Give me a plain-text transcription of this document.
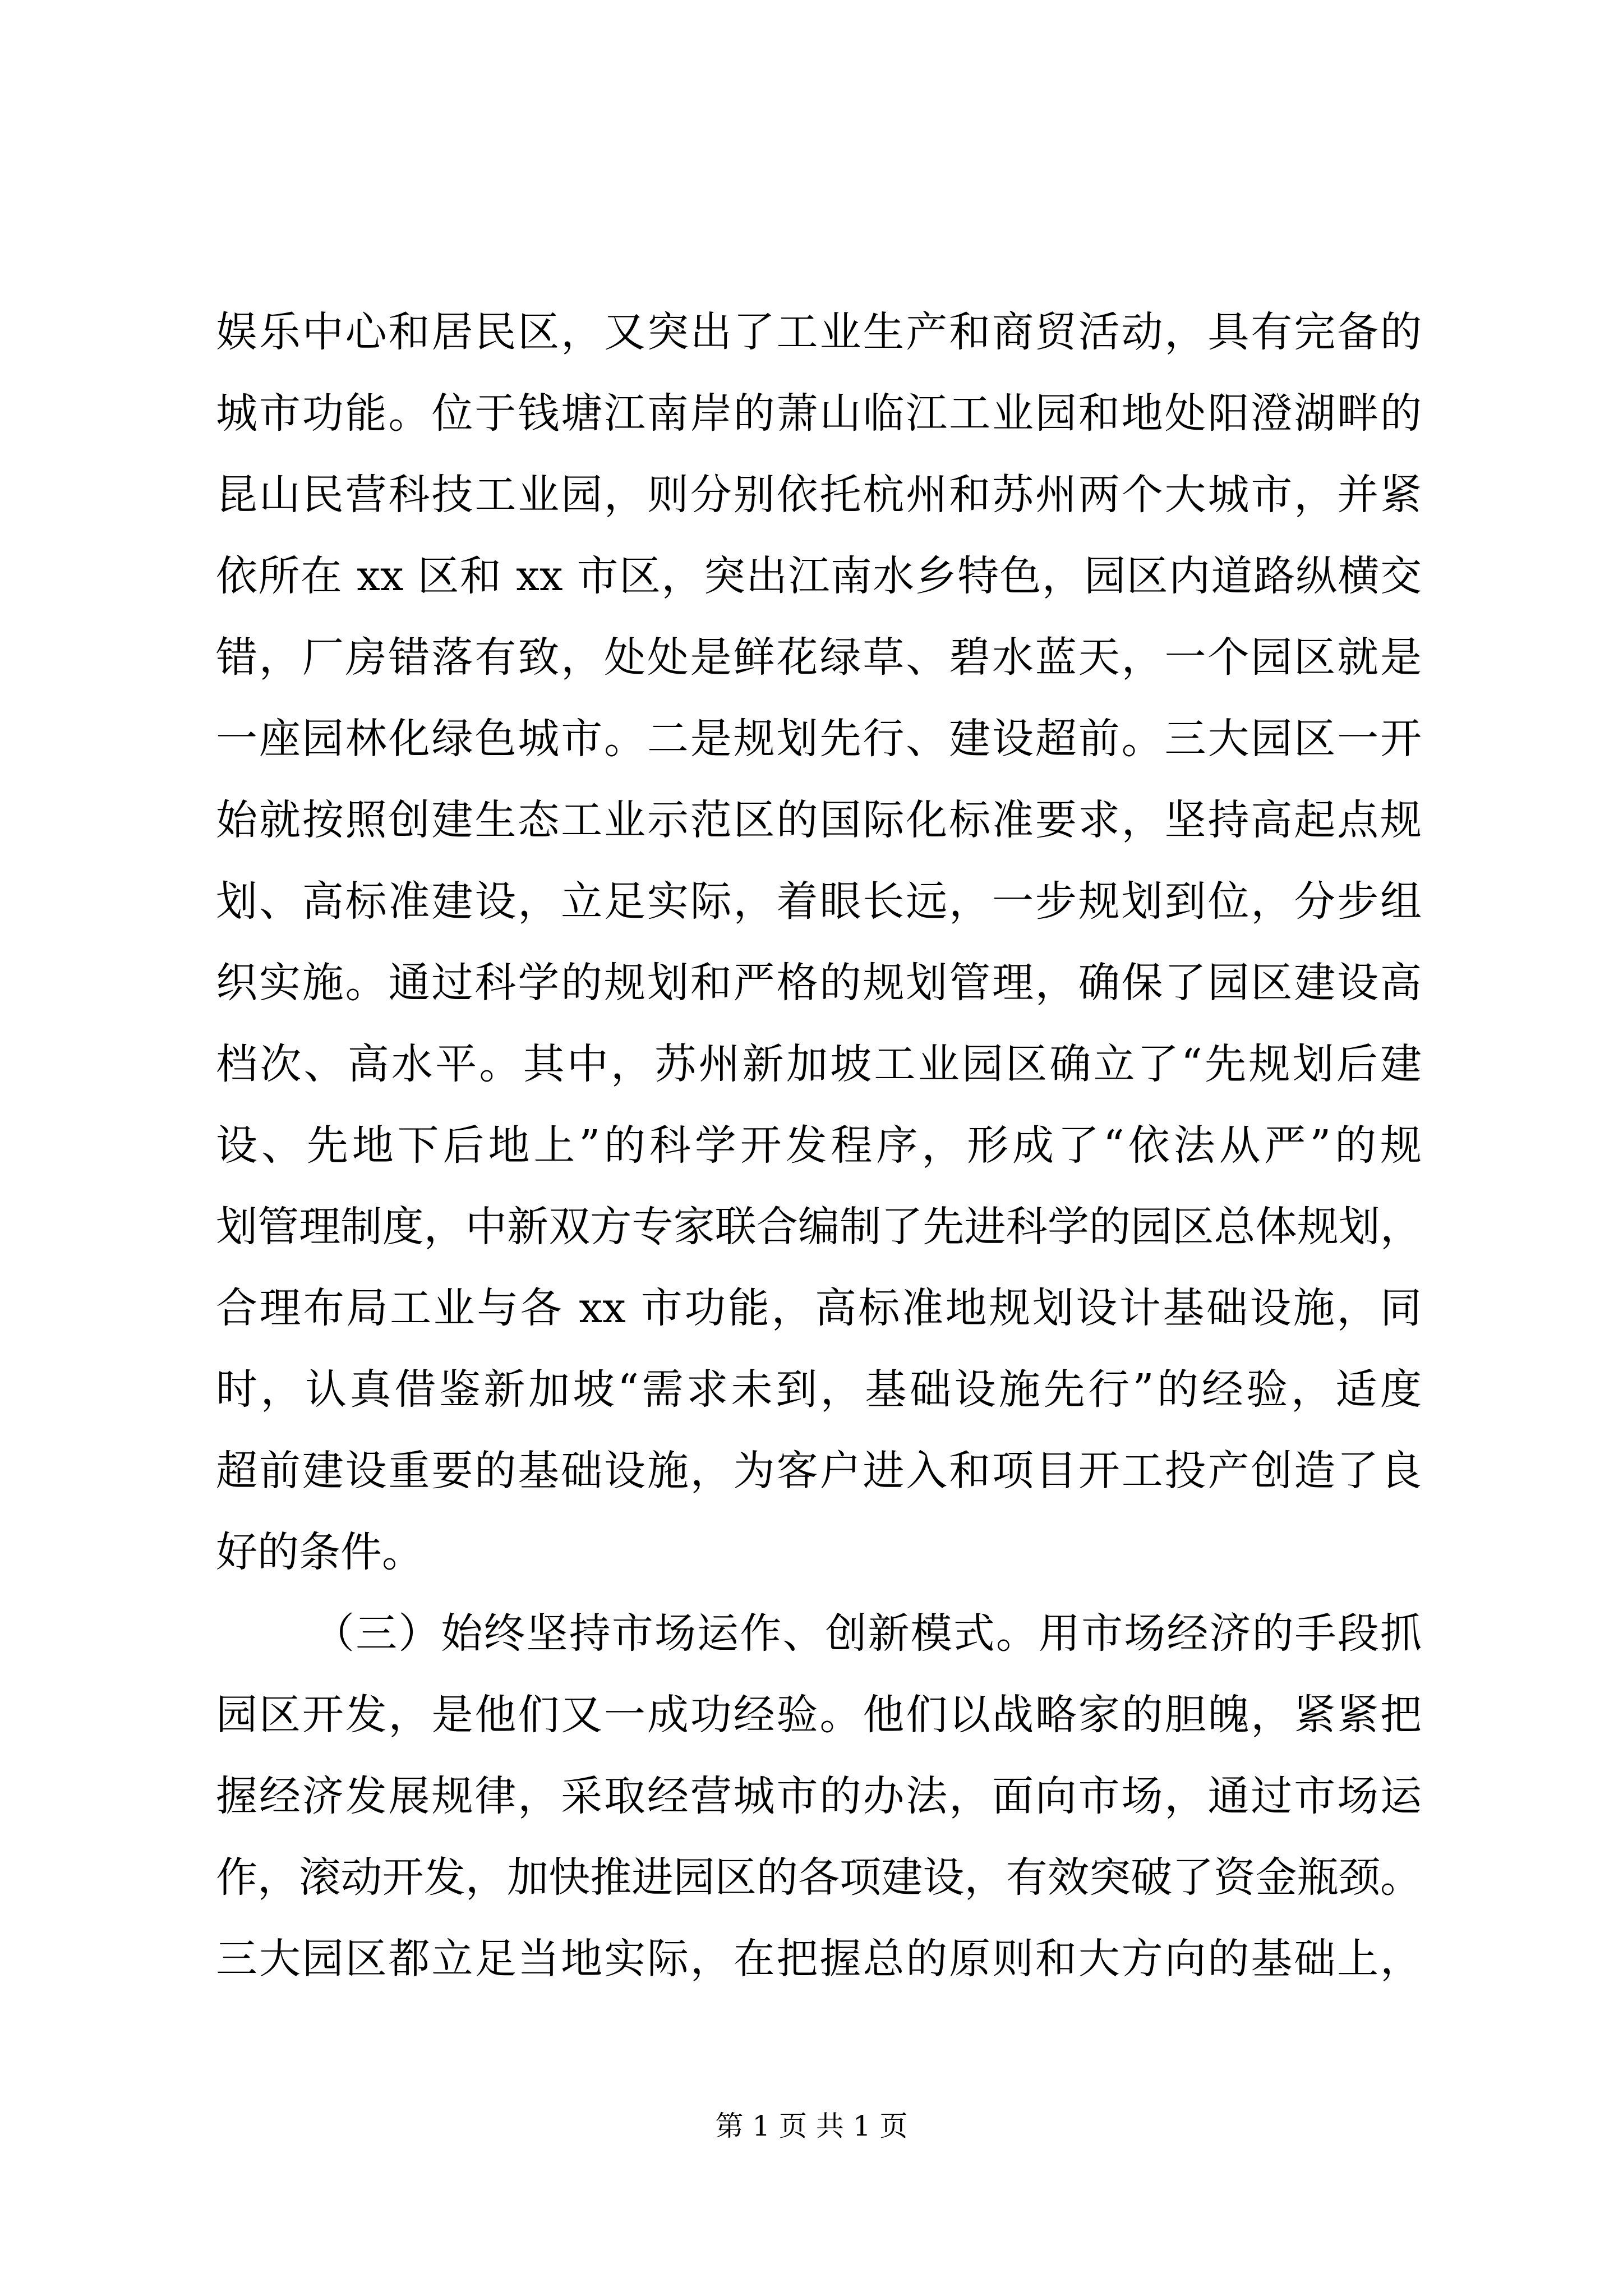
娱乐中心和居民区，又突出了工业生产和商贸活动，具有完备的
城市功能。位于钱塘江南岸的萧山临江工业园和地处阳澄湖畔的
昆山民营科技工业园，则分别依托杭州和苏州两个大城市，并紧
依所在 xx 区和 xx 市区，突出江南水乡特色，园区内道路纵横交
错，厂房错落有致，处处是鲜花绿草、碧水蓝天，一个园区就是
一座园林化绿色城市。二是规划先行、建设超前。三大园区一开
始就按照创建生态工业示范区的国际化标准要求，坚持高起点规
划、高标准建设，立足实际，着眼长远，一步规划到位，分步组
织实施。通过科学的规划和严格的规划管理，确保了园区建设高
档次、高水平。其中，苏州新加坡工业园区确立了“先规划后建
设、先地下后地上”的科学开发程序，形成了“依法从严”的规
划管理制度，中新双方专家联合编制了先进科学的园区总体规划，
合理布局工业与各 xx 市功能，高标准地规划设计基础设施，同
时，认真借鉴新加坡“需求未到，基础设施先行”的经验，适度
超前建设重要的基础设施，为客户进入和项目开工投产创造了良
好的条件。
（三）始终坚持市场运作、创新模式。用市场经济的手段抓
园区开发，是他们又一成功经验。他们以战略家的胆魄，紧紧把
握经济发展规律，采取经营城市的办法，面向市场，通过市场运
作，滚动开发，加快推进园区的各项建设，有效突破了资金瓶颈。
三大园区都立足当地实际，在把握总的原则和大方向的基础上，
第 1 页 共 1 页
